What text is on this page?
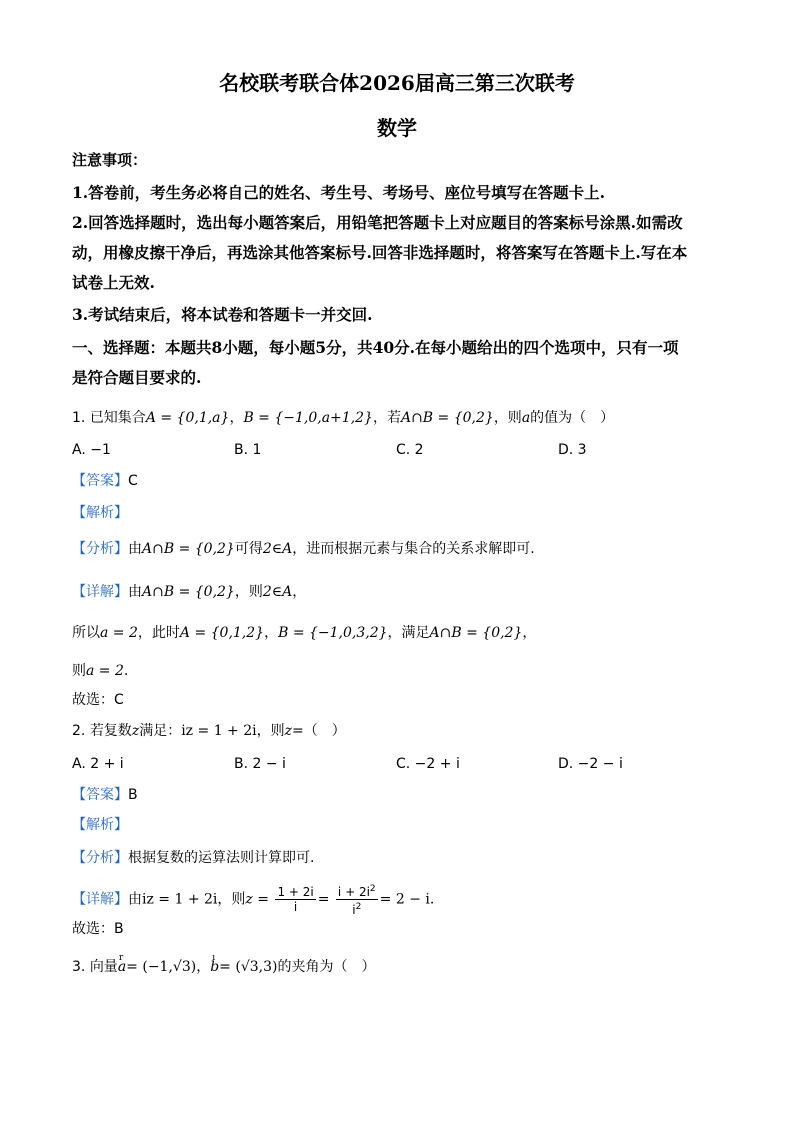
名校联考联合体2026届高三第三次联考
数学
注意事项：
1.答卷前，考生务必将自己的姓名、考生号、考场号、座位号填写在答题卡上.
2.回答选择题时，选出每小题答案后，用铅笔把答题卡上对应题目的答案标号涂黑.如需改
动，用橡皮擦干净后，再选涂其他答案标号.回答非选择题时，将答案写在答题卡上.写在本
试卷上无效.
3.考试结束后，将本试卷和答题卡一并交回.
一、选择题：本题共8小题，每小题5分，共40分.在每小题给出的四个选项中，只有一项
是符合题目要求的.
1. 已知集合A = {0,1,a}，B = {−1,0,a+1,2}，若A∩B = {0,2}，则a的值为（　）
A. −1	B. 1	C. 2	D. 3
【答案】C
【解析】
【分析】由A∩B = {0,2}可得2∈A，进而根据元素与集合的关系求解即可.
【详解】由A∩B = {0,2}，则2∈A，
所以a = 2，此时A = {0,1,2}，B = {−1,0,3,2}，满足A∩B = {0,2}，
则a = 2.
故选：C
2. 若复数z满足：iz = 1 + 2i，则z=（　）
A. 2 + i	B. 2 − i	C. −2 + i	D. −2 − i
【答案】B
【解析】
【分析】根据复数的运算法则计算即可.
【详解】由iz = 1 + 2i，则$z = \frac{1 + 2i}{i} = \frac{i + 2i^2}{i^2} = 2 - i$.
故选：B
3. 向量r a= (−1,√3)，ı b= (√3,3)的夹角为（　）
